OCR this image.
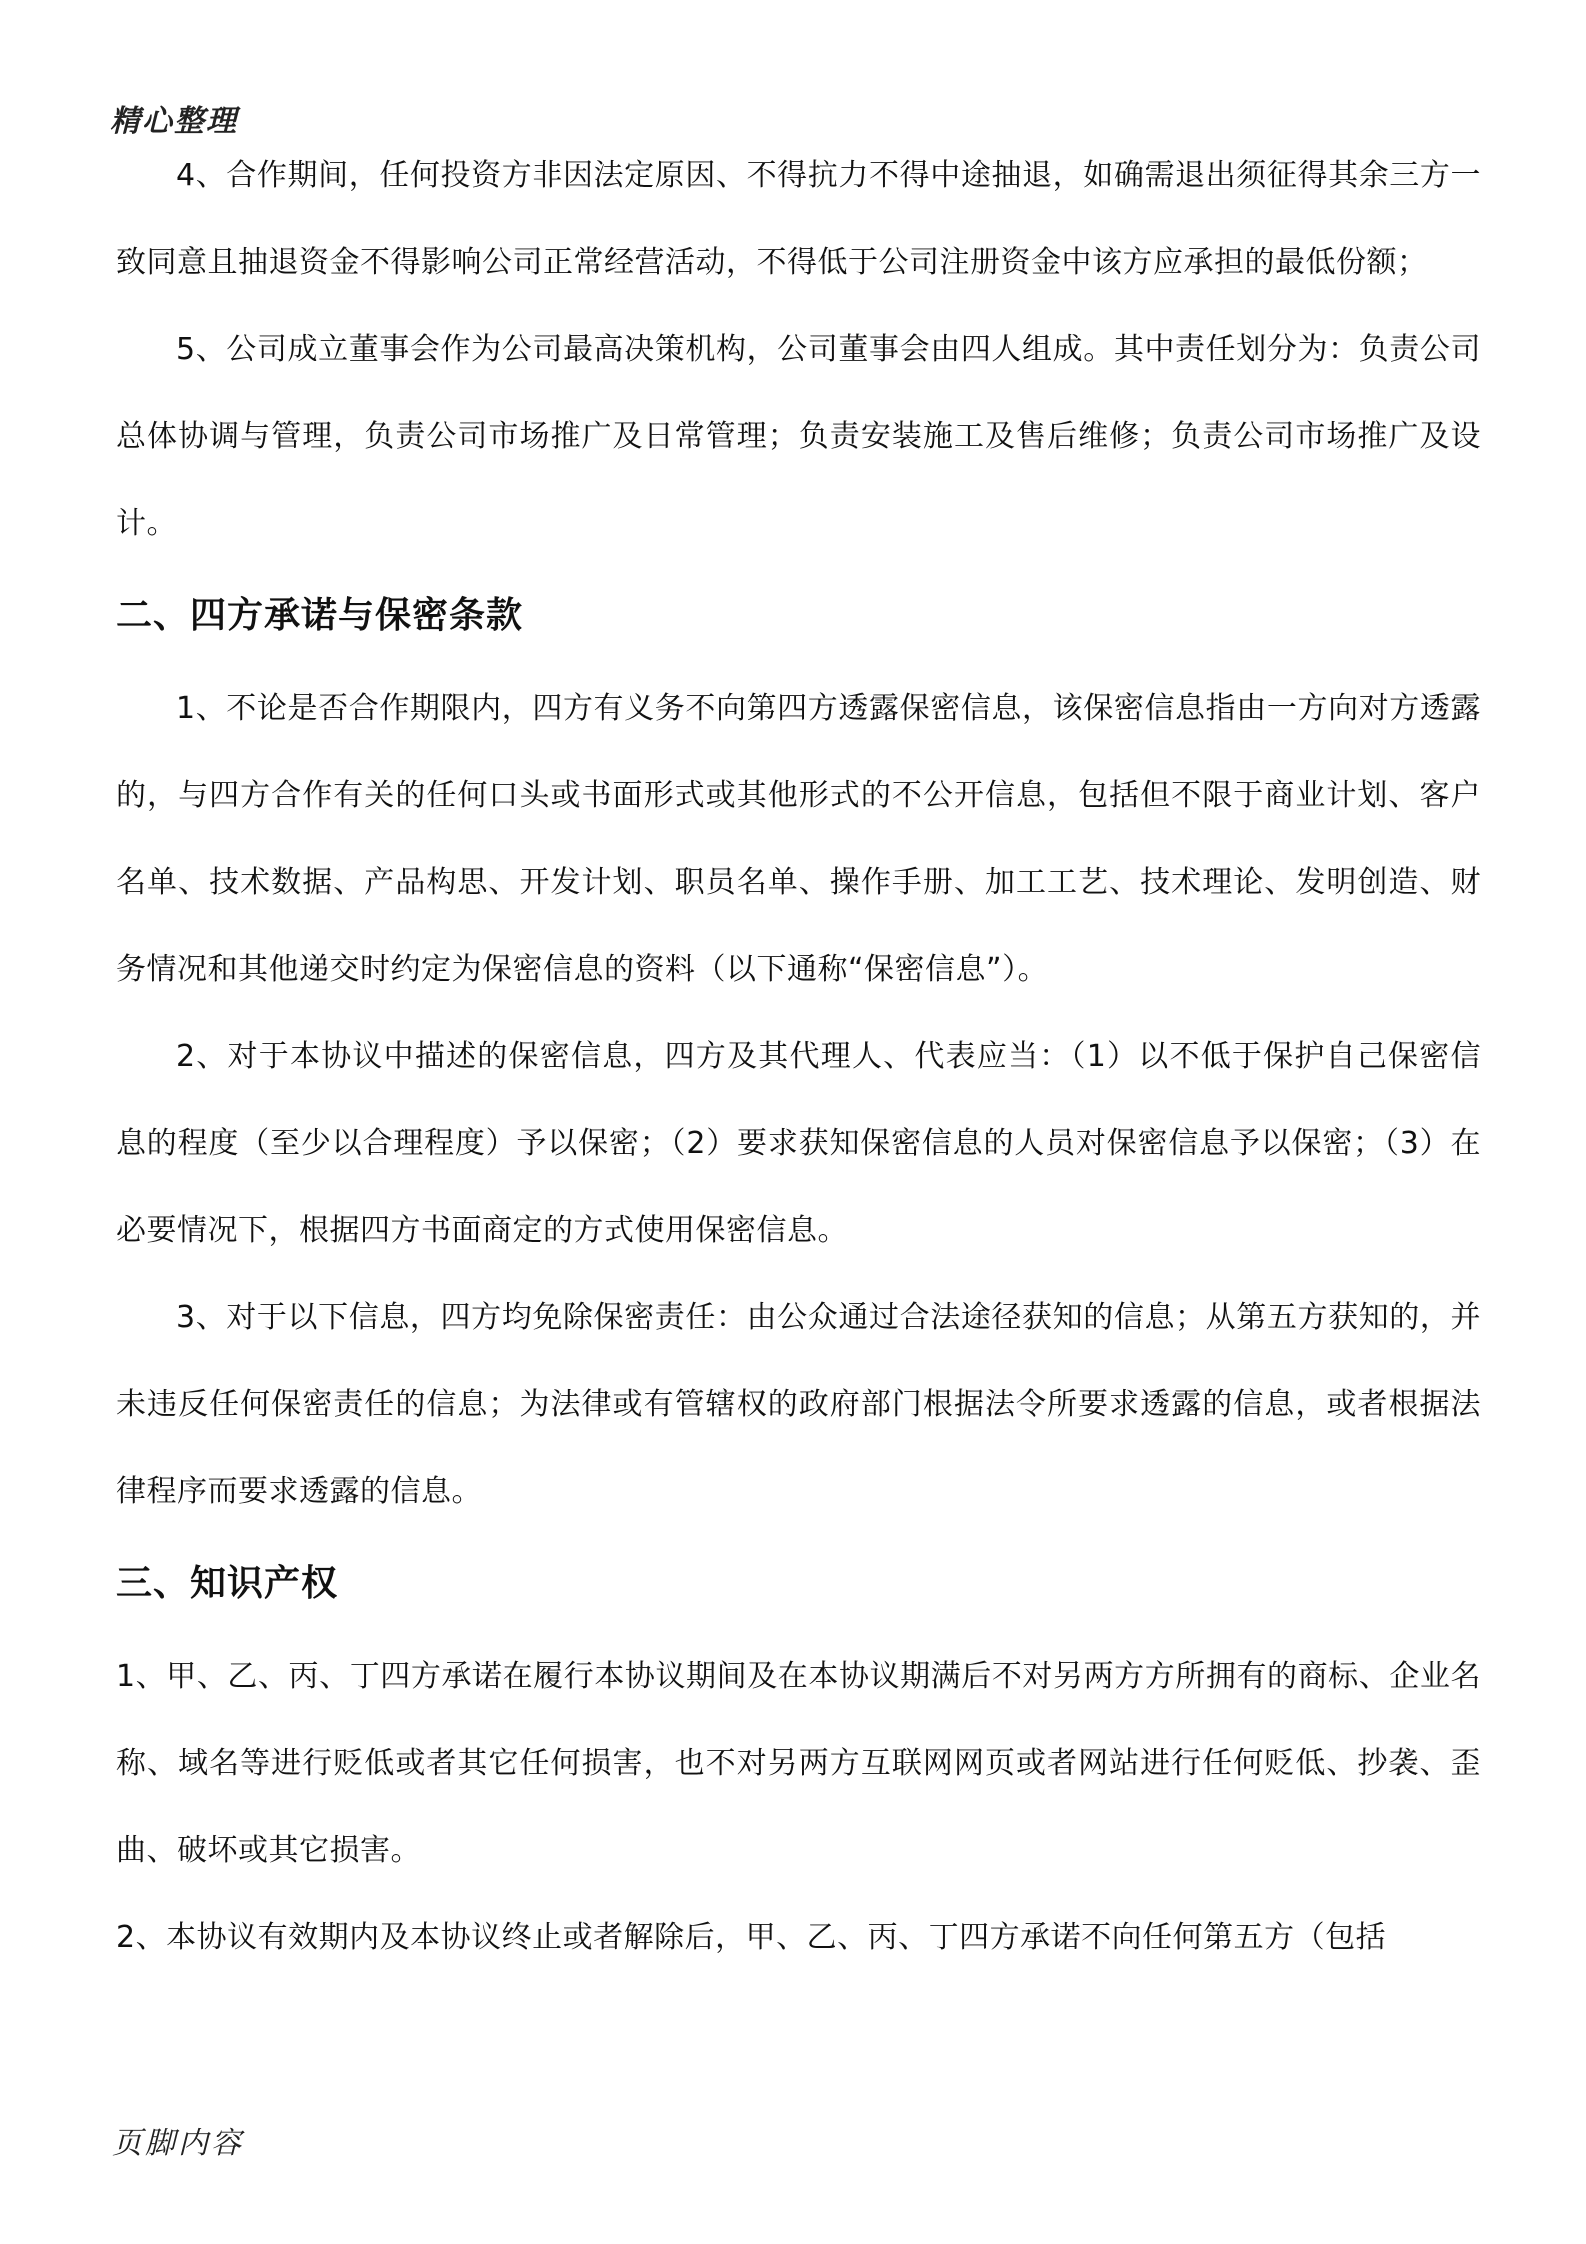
精心整理

4、合作期间，任何投资方非因法定原因、不得抗力不得中途抽退，如确需退出须征得其余三方一致同意且抽退资金不得影响公司正常经营活动，不得低于公司注册资金中该方应承担的最低份额；

5、公司成立董事会作为公司最高决策机构，公司董事会由四人组成。其中责任划分为：负责公司总体协调与管理，负责公司市场推广及日常管理；负责安装施工及售后维修；负责公司市场推广及设计。

二、四方承诺与保密条款

1、不论是否合作期限内，四方有义务不向第四方透露保密信息，该保密信息指由一方向对方透露的，与四方合作有关的任何口头或书面形式或其他形式的不公开信息，包括但不限于商业计划、客户名单、技术数据、产品构思、开发计划、职员名单、操作手册、加工工艺、技术理论、发明创造、财务情况和其他递交时约定为保密信息的资料（以下通称“保密信息”）。

2、对于本协议中描述的保密信息，四方及其代理人、代表应当：（1）以不低于保护自己保密信息的程度（至少以合理程度）予以保密；（2）要求获知保密信息的人员对保密信息予以保密；（3）在必要情况下，根据四方书面商定的方式使用保密信息。

3、对于以下信息，四方均免除保密责任：由公众通过合法途径获知的信息；从第五方获知的，并未违反任何保密责任的信息；为法律或有管辖权的政府部门根据法令所要求透露的信息，或者根据法律程序而要求透露的信息。

三、知识产权

1、甲、乙、丙、丁四方承诺在履行本协议期间及在本协议期满后不对另两方方所拥有的商标、企业名称、域名等进行贬低或者其它任何损害，也不对另两方互联网网页或者网站进行任何贬低、抄袭、歪曲、破坏或其它损害。

2、本协议有效期内及本协议终止或者解除后，甲、乙、丙、丁四方承诺不向任何第五方（包括

页脚内容
